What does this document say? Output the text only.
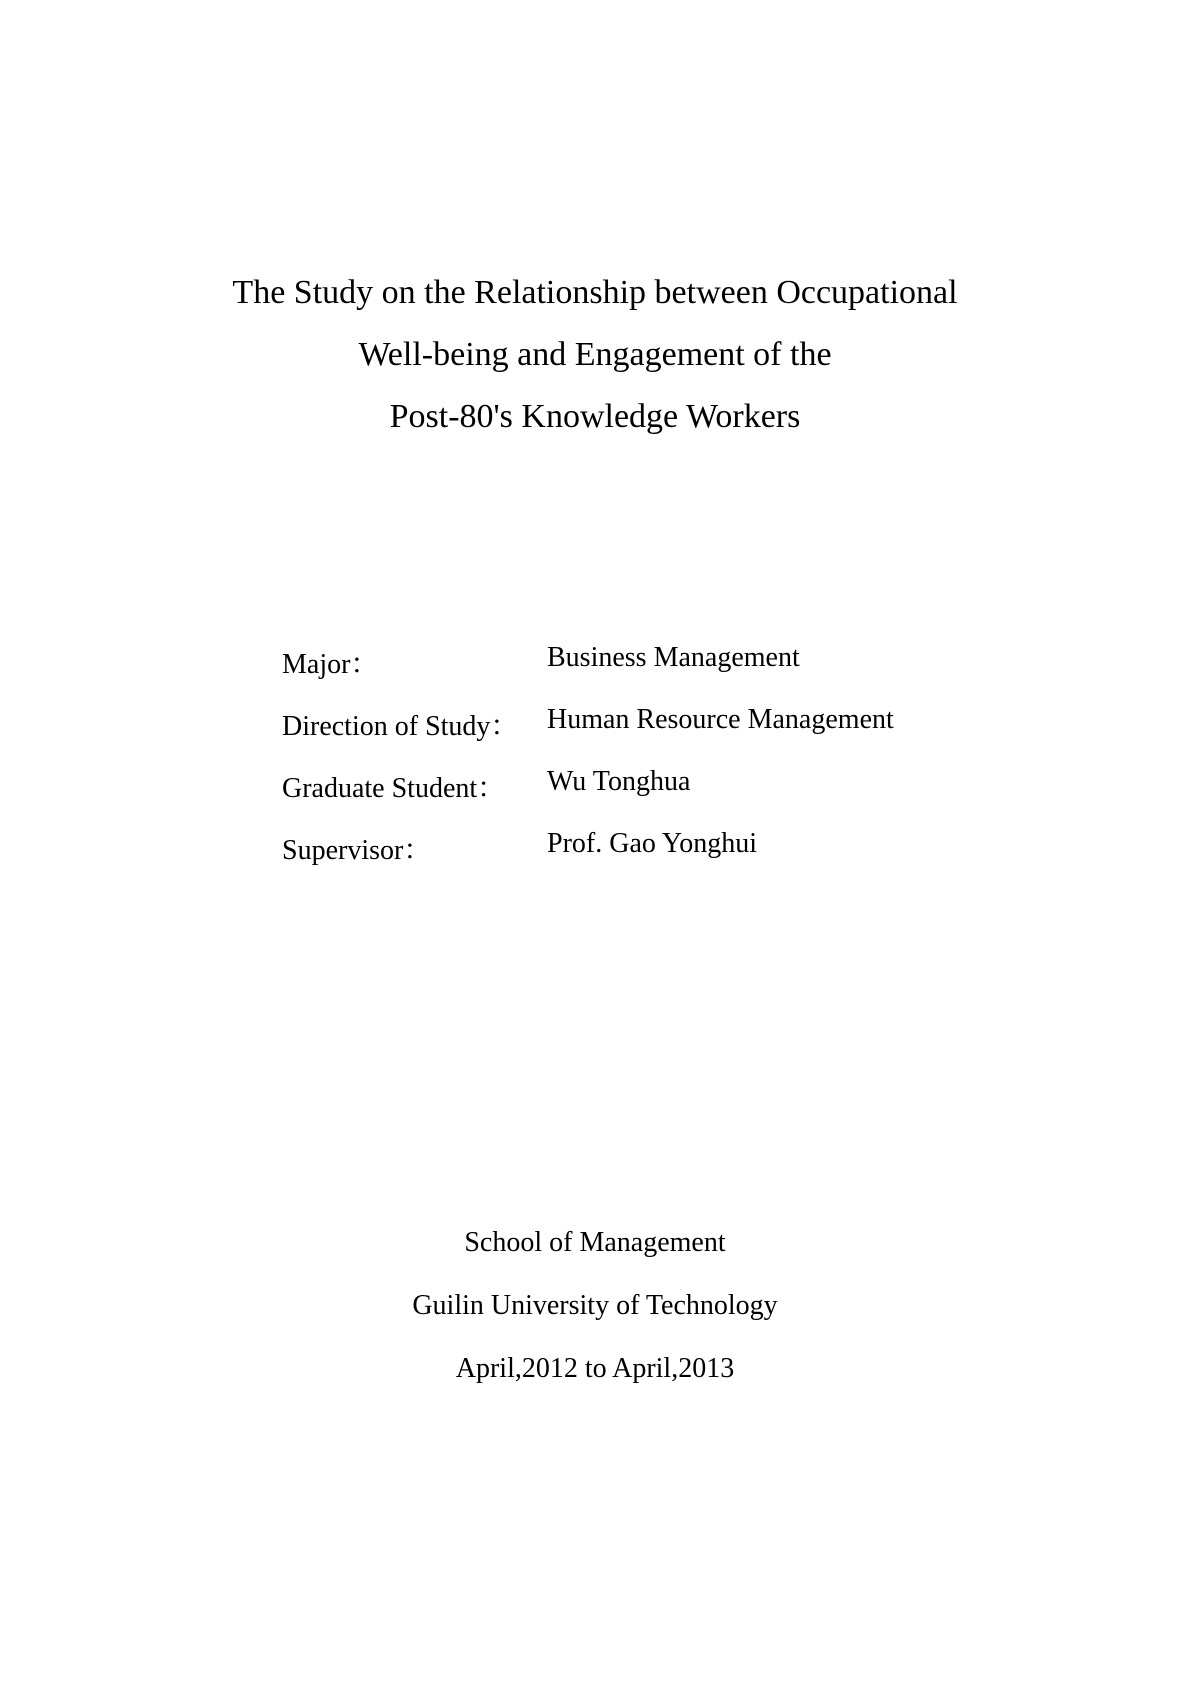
The Study on the Relationship between Occupational
Well-being and Engagement of the
Post-80's Knowledge Workers
Major：	Business Management
Direction of Study：	Human Resource Management
Graduate Student：	Wu Tonghua
Supervisor：	Prof. Gao Yonghui
School of Management
Guilin University of Technology
April,2012 to April,2013
